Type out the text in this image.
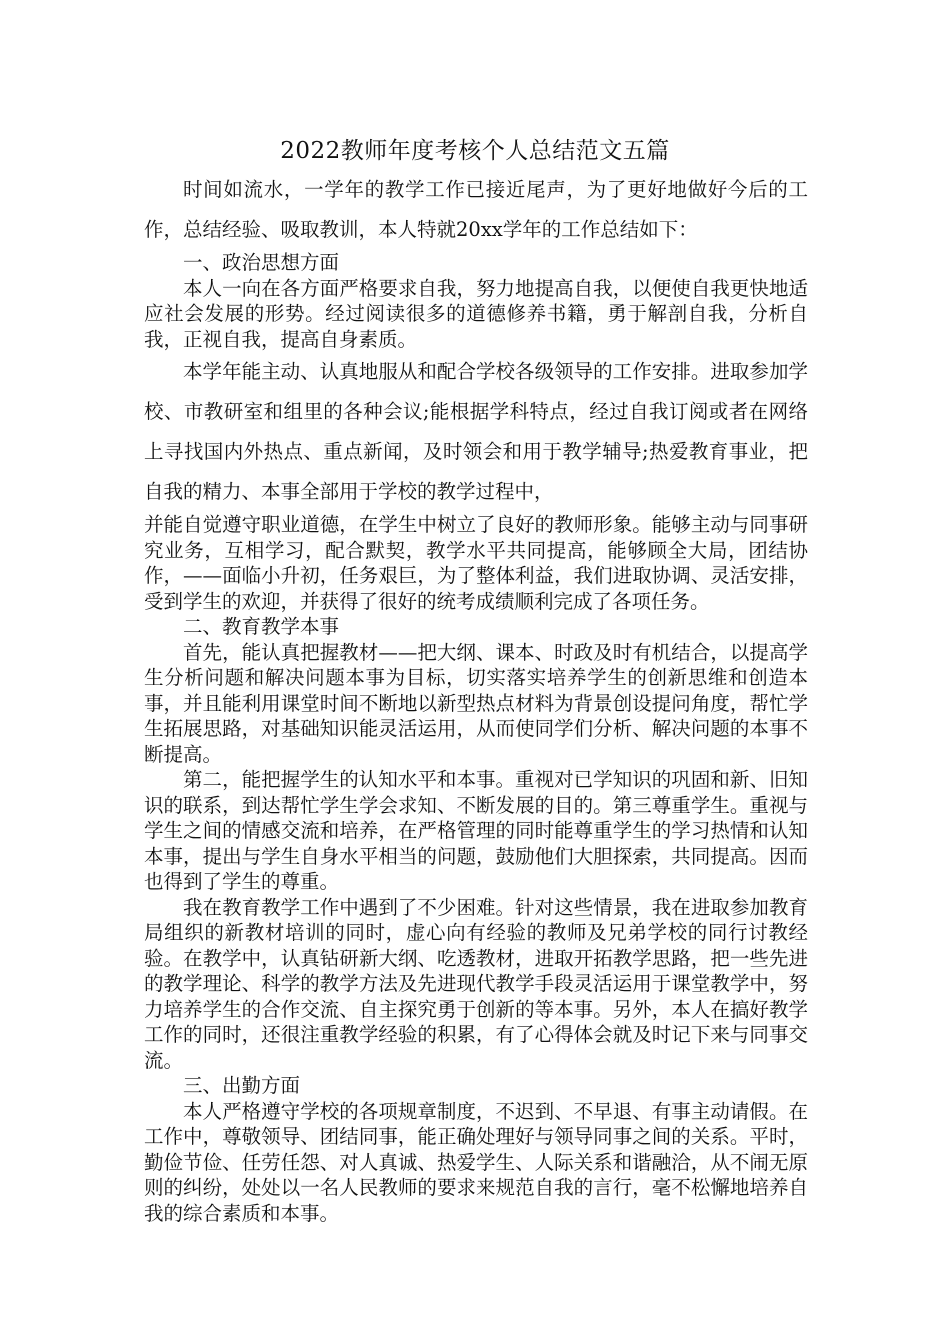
2022教师年度考核个人总结范文五篇

时间如流水，一学年的教学工作已接近尾声，为了更好地做好今后的工作，总结经验、吸取教训，本人特就20xx学年的工作总结如下：

一、政治思想方面

本人一向在各方面严格要求自我，努力地提高自我，以便使自我更快地适应社会发展的形势。经过阅读很多的道德修养书籍，勇于解剖自我，分析自我，正视自我，提高自身素质。

本学年能主动、认真地服从和配合学校各级领导的工作安排。进取参加学校、市教研室和组里的各种会议;能根据学科特点，经过自我订阅或者在网络上寻找国内外热点、重点新闻，及时领会和用于教学辅导;热爱教育事业，把自我的精力、本事全部用于学校的教学过程中，

并能自觉遵守职业道德，在学生中树立了良好的教师形象。能够主动与同事研究业务，互相学习，配合默契，教学水平共同提高，能够顾全大局，团结协作，——面临小升初，任务艰巨，为了整体利益，我们进取协调、灵活安排，受到学生的欢迎，并获得了很好的统考成绩顺利完成了各项任务。

二、教育教学本事

首先，能认真把握教材——把大纲、课本、时政及时有机结合，以提高学生分析问题和解决问题本事为目标，切实落实培养学生的创新思维和创造本事，并且能利用课堂时间不断地以新型热点材料为背景创设提问角度，帮忙学生拓展思路，对基础知识能灵活运用，从而使同学们分析、解决问题的本事不断提高。

第二，能把握学生的认知水平和本事。重视对已学知识的巩固和新、旧知识的联系，到达帮忙学生学会求知、不断发展的目的。第三尊重学生。重视与学生之间的情感交流和培养，在严格管理的同时能尊重学生的学习热情和认知本事，提出与学生自身水平相当的问题，鼓励他们大胆探索，共同提高。因而也得到了学生的尊重。

我在教育教学工作中遇到了不少困难。针对这些情景，我在进取参加教育局组织的新教材培训的同时，虚心向有经验的教师及兄弟学校的同行讨教经验。在教学中，认真钻研新大纲、吃透教材，进取开拓教学思路，把一些先进的教学理论、科学的教学方法及先进现代教学手段灵活运用于课堂教学中，努力培养学生的合作交流、自主探究勇于创新的等本事。另外，本人在搞好教学工作的同时，还很注重教学经验的积累，有了心得体会就及时记下来与同事交流。

三、出勤方面

本人严格遵守学校的各项规章制度，不迟到、不早退、有事主动请假。在工作中，尊敬领导、团结同事，能正确处理好与领导同事之间的关系。平时，勤俭节俭、任劳任怨、对人真诚、热爱学生、人际关系和谐融洽，从不闹无原则的纠纷，处处以一名人民教师的要求来规范自我的言行，毫不松懈地培养自我的综合素质和本事。
